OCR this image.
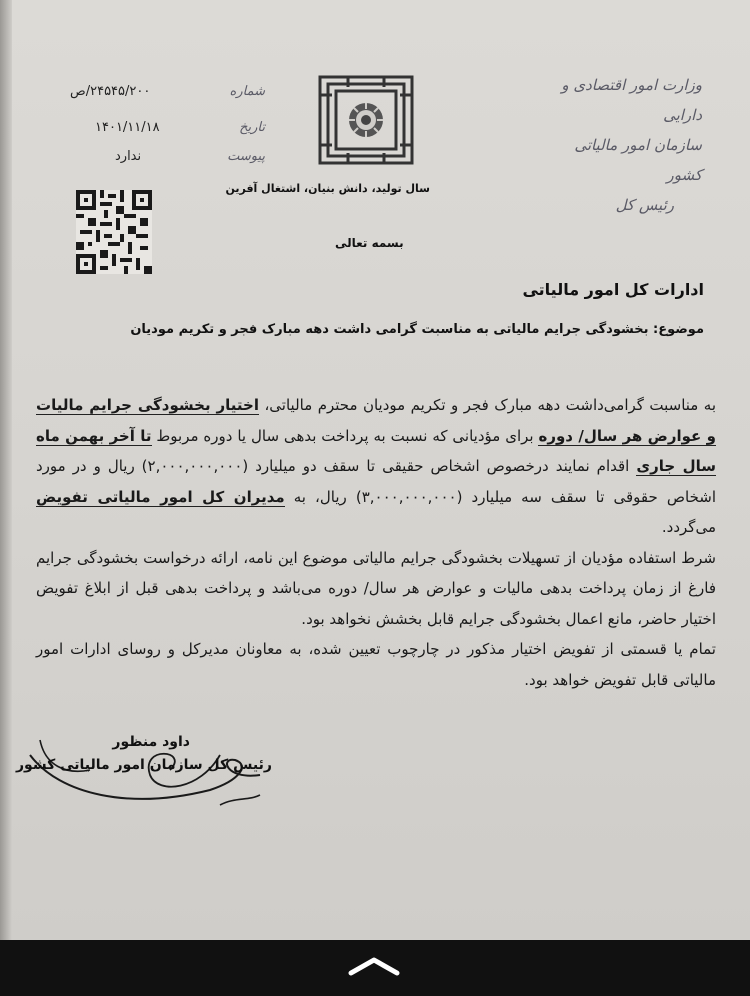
وزارت امور اقتصادی و دارایی
سازمان امور مالیاتی کشور
رئیس کل
شماره
۲۴۵۴۵/۲۰۰/ص
تاریخ
۱۴۰۱/۱۱/۱۸
پیوست
ندارد
سال تولید، دانش بنیان، اشتغال آفرین
بسمه تعالی
ادارات کل امور مالیاتی
موضوع: بخشودگی جرایم مالیاتی به مناسبت گرامی داشت دهه مبارک فجر و تکریم مودیان

به مناسبت گرامی‌داشت دهه مبارک فجر و تکریم مودیان محترم مالیاتی، اختیار بخشودگی جرایم مالیات و عوارض هر سال/ دوره برای مؤدیانی که نسبت به پرداخت بدهی سال یا دوره مربوط تا آخر بهمن ماه سال جاری اقدام نمایند درخصوص اشخاص حقیقی تا سقف دو میلیارد (۲,۰۰۰,۰۰۰,۰۰۰) ریال و در مورد اشخاص حقوقی تا سقف سه میلیارد (۳,۰۰۰,۰۰۰,۰۰۰) ریال، به مدیران کل امور مالیاتی تفویض می‌گردد.

شرط استفاده مؤدیان از تسهیلات بخشودگی جرایم مالیاتی موضوع این نامه، ارائه درخواست بخشودگی جرایم فارغ از زمان پرداخت بدهی مالیات و عوارض هر سال/ دوره می‌باشد و پرداخت بدهی قبل از ابلاغ تفویض اختیار حاضر، مانع اعمال بخشودگی جرایم قابل بخشش نخواهد بود.

تمام یا قسمتی از تفویض اختیار مذکور در چارچوب تعیین شده، به معاونان مدیرکل و روسای ادارات امور مالیاتی قابل تفویض خواهد بود.

داود منظور
رئیس کل سازمان امور مالیاتی کشور
